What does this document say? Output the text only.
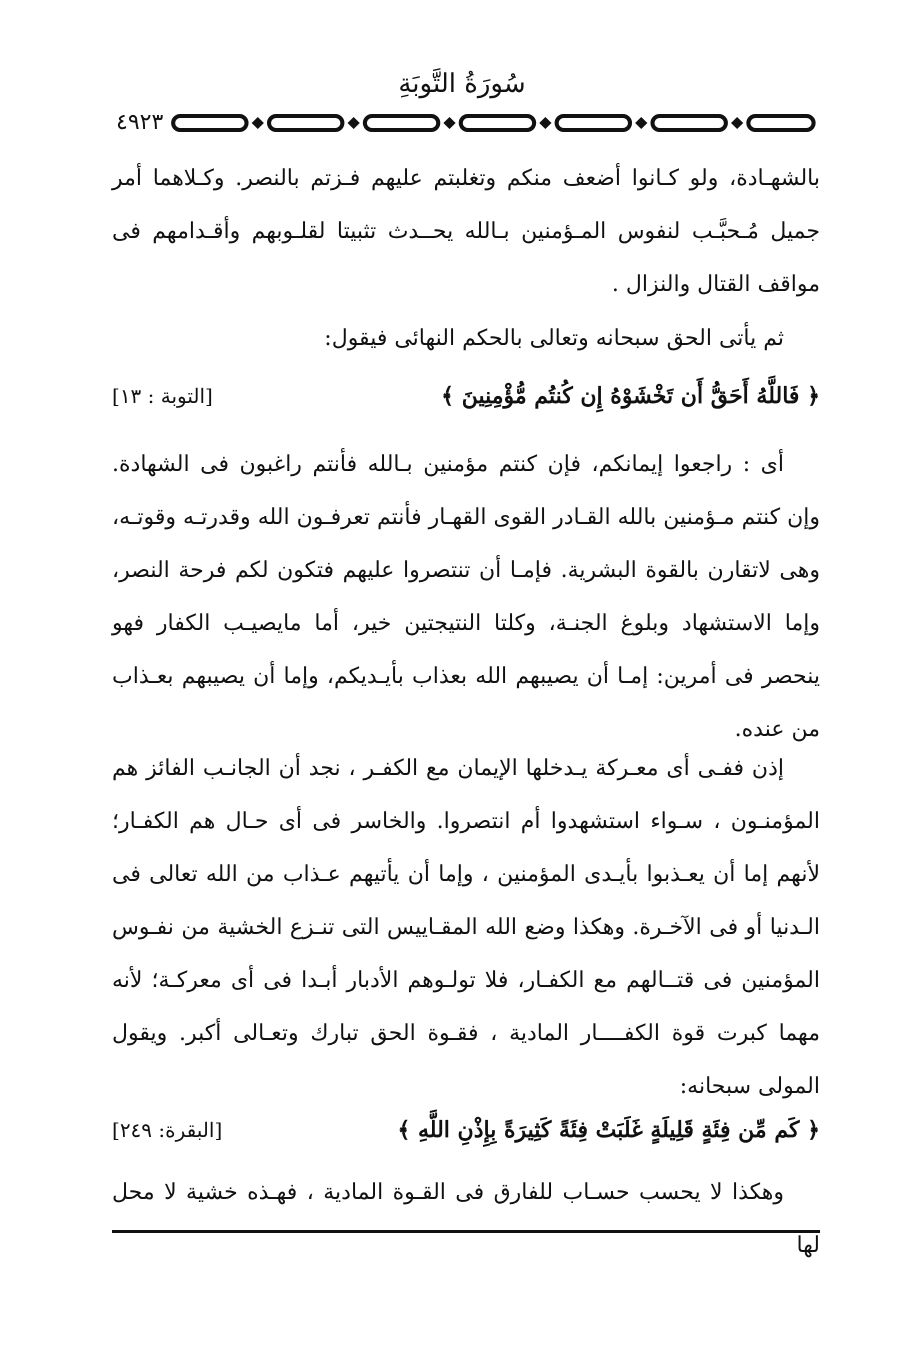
سُورَةُ التَّوبَةِ
٤٩٢٣

بالشهـادة، ولو كـانوا أضعف منكم وتغلبتم عليهم فـزتم بالنصر. وكـلاهما أمر جميل مُـحبَّـب لنفوس المـؤمنين بـالله يحــدث تثبيتا لقلـوبهم وأقـدامهم فى مواقف القتال والنزال .

ثم يأتى الحق سبحانه وتعالى بالحكم النهائى فيقول:

﴿ فَاللَّهُ أَحَقُّ أَن تَخْشَوْهُ إِن كُنتُم مُّؤْمِنِينَ ﴾
[التوبة : ١٣]

أى : راجعوا إيمانكم، فإن كنتم مؤمنين بـالله فأنتم راغبون فى الشهادة. وإن كنتم مـؤمنين بالله القـادر القوى القهـار فأنتم تعرفـون الله وقدرتـه وقوتـه، وهى لاتقارن بالقوة البشرية. فإمـا أن تنتصروا عليهم فتكون لكم فرحة النصر، وإما الاستشهاد وبلوغ الجنـة، وكلتا النتيجتين خير، أما مايصيـب الكفار فهو ينحصر فى أمرين: إمـا أن يصيبهم الله بعذاب بأيـديكم، وإما أن يصيبهم بعـذاب من عنده.

إذن ففـى أى معـركة يـدخلها الإيمان مع الكفـر ، نجد أن الجانـب الفائز هم المؤمنـون ، سـواء استشهدوا أم انتصروا. والخاسر فى أى حـال هم الكفـار؛ لأنهم إما أن يعـذبوا بأيـدى المؤمنين ، وإما أن يأتيهم عـذاب من الله تعالى فى الـدنيا أو فى الآخـرة. وهكذا وضع الله المقـاييس التى تنـزع الخشية من نفـوس المؤمنين فى قتــالهم مع الكفـار، فلا تولـوهم الأدبار أبـدا فى أى معركـة؛ لأنه مهما كبرت قوة الكفــــار المادية ، فقـوة الحق تبارك وتعـالى أكبر. ويقول المولى سبحانه:

﴿ كَم مِّن فِئَةٍ قَلِيلَةٍ غَلَبَتْ فِئَةً كَثِيرَةً بِإِذْنِ اللَّهِ ﴾
[البقرة: ٢٤٩]

وهكذا لا يحسب حسـاب للفارق فى القـوة المادية ، فهـذه خشية لا محل لها
